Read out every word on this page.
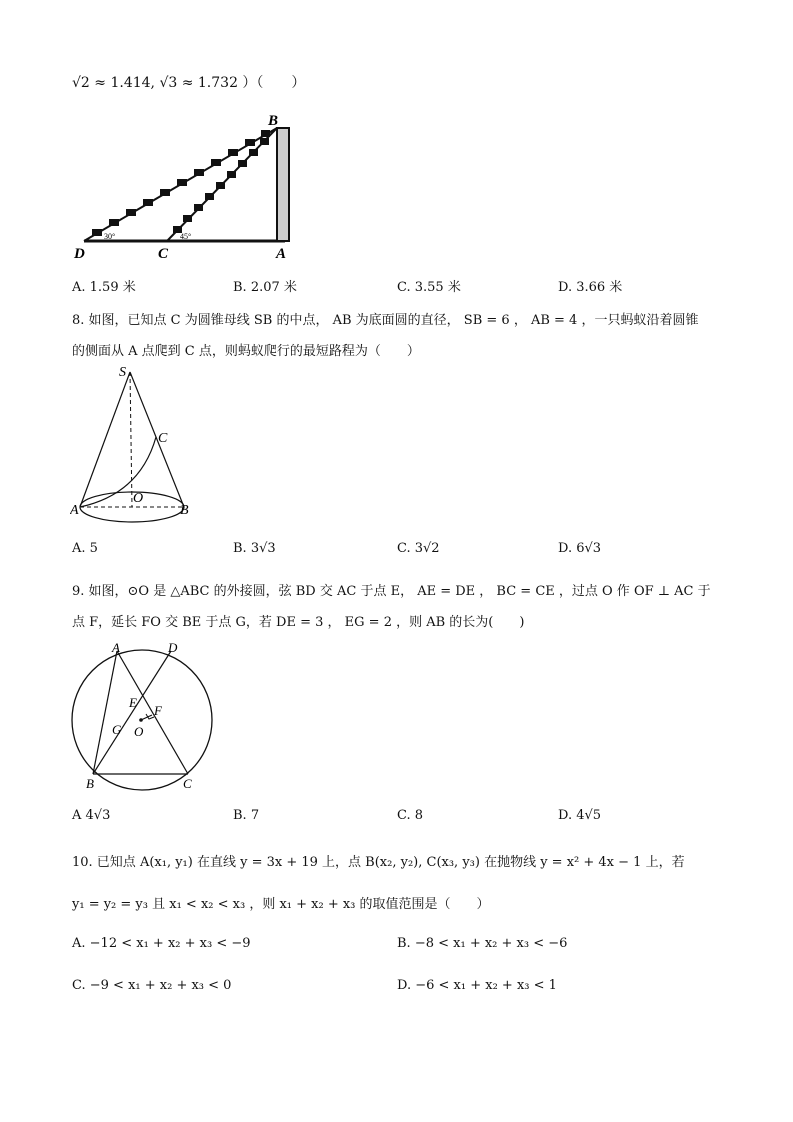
√2 ≈ 1.414, √3 ≈ 1.732 ）（　　）
B
D	C	A
30°	45°
A. 1.59 米	B. 2.07 米	C. 3.55 米	D. 3.66 米
8. 如图，已知点 C 为圆锥母线 SB 的中点， AB 为底面圆的直径， SB = 6 ， AB = 4 ，一只蚂蚁沿着圆锥
的侧面从 A 点爬到 C 点，则蚂蚁爬行的最短路程为（　　）
S
C
O
A	B
A. 5	B. 3√3	C. 3√2	D. 6√3
9. 如图，⊙O 是 △ABC 的外接圆，弦 BD 交 AC 于点 E， AE = DE ， BC = CE ，过点 O 作 OF ⊥ AC 于
点 F，延长 FO 交 BE 于点 G，若 DE = 3 ， EG = 2 ，则 AB 的长为(　　)
A	D
E
F
G O
B	C
A 4√3	B. 7	C. 8	D. 4√5
10. 已知点 A(x₁, y₁) 在直线 y = 3x + 19 上，点 B(x₂, y₂), C(x₃, y₃) 在抛物线 y = x² + 4x − 1 上，若
y₁ = y₂ = y₃ 且 x₁ < x₂ < x₃ ，则 x₁ + x₂ + x₃ 的取值范围是（　　）
A. −12 < x₁ + x₂ + x₃ < −9	B. −8 < x₁ + x₂ + x₃ < −6
C. −9 < x₁ + x₂ + x₃ < 0	D. −6 < x₁ + x₂ + x₃ < 1
